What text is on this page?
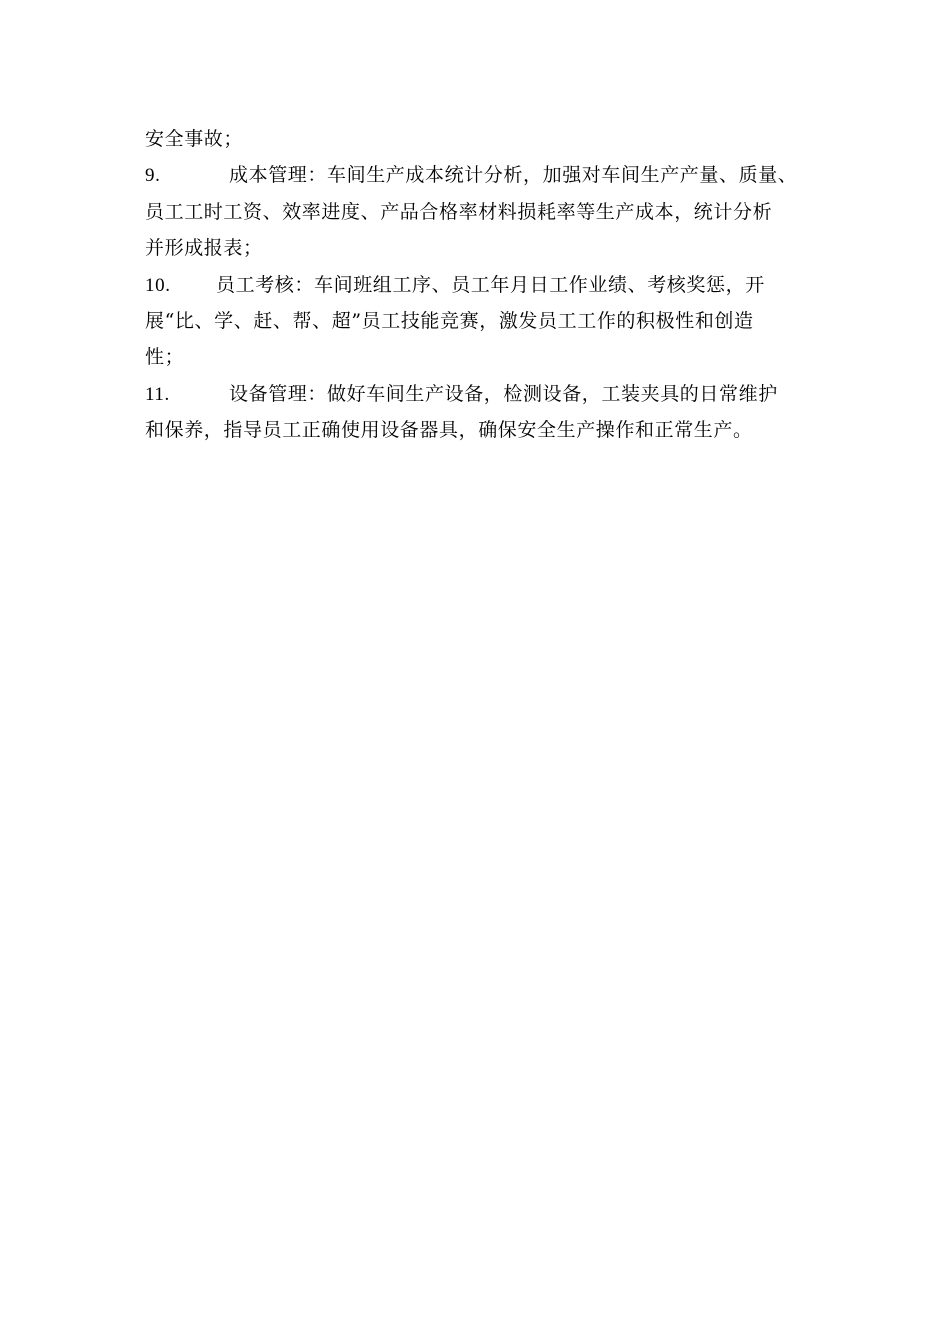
安全事故；
9.	成本管理：车间生产成本统计分析，加强对车间生产产量、质量、
员工工时工资、效率进度、产品合格率材料损耗率等生产成本，统计分析
并形成报表；
10. 员工考核：车间班组工序、员工年月日工作业绩、考核奖惩，开
展“比、学、赶、帮、超”员工技能竞赛，激发员工工作的积极性和创造
性；
11.	设备管理：做好车间生产设备，检测设备，工装夹具的日常维护
和保养，指导员工正确使用设备器具，确保安全生产操作和正常生产。
